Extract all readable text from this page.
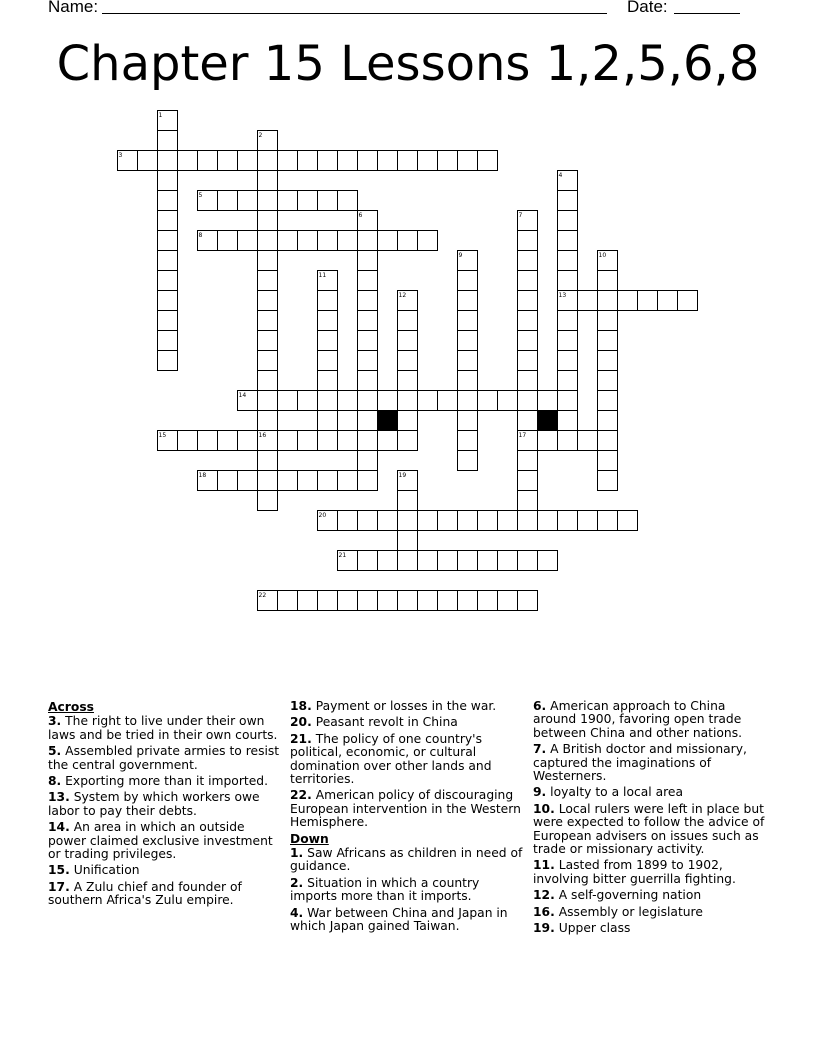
Name:	Date:
Chapter 15 Lessons 1,2,5,6,8
3
5
8
13
14
15	17
18
20
21
22
1
2
4
6	7
9	10
11
12
16
19
Across
3. The right to live under their own laws and be tried in their own courts.
5. Assembled private armies to resist the central government.
8. Exporting more than it imported.
13. System by which workers owe labor to pay their debts.
14. An area in which an outside power claimed exclusive investment or trading privileges.
15. Unification
17. A Zulu chief and founder of southern Africa's Zulu empire.
18. Payment or losses in the war.
20. Peasant revolt in China
21. The policy of one country's political, economic, or cultural domination over other lands and territories.
22. American policy of discouraging European intervention in the Western Hemisphere.
Down
1. Saw Africans as children in need of guidance.
2. Situation in which a country imports more than it imports.
4. War between China and Japan in which Japan gained Taiwan.
6. American approach to China around 1900, favoring open trade between China and other nations.
7. A British doctor and missionary, captured the imaginations of Westerners.
9. loyalty to a local area
10. Local rulers were left in place but were expected to follow the advice of European advisers on issues such as trade or missionary activity.
11. Lasted from 1899 to 1902, involving bitter guerrilla fighting.
12. A self-governing nation
16. Assembly or legislature
19. Upper class
